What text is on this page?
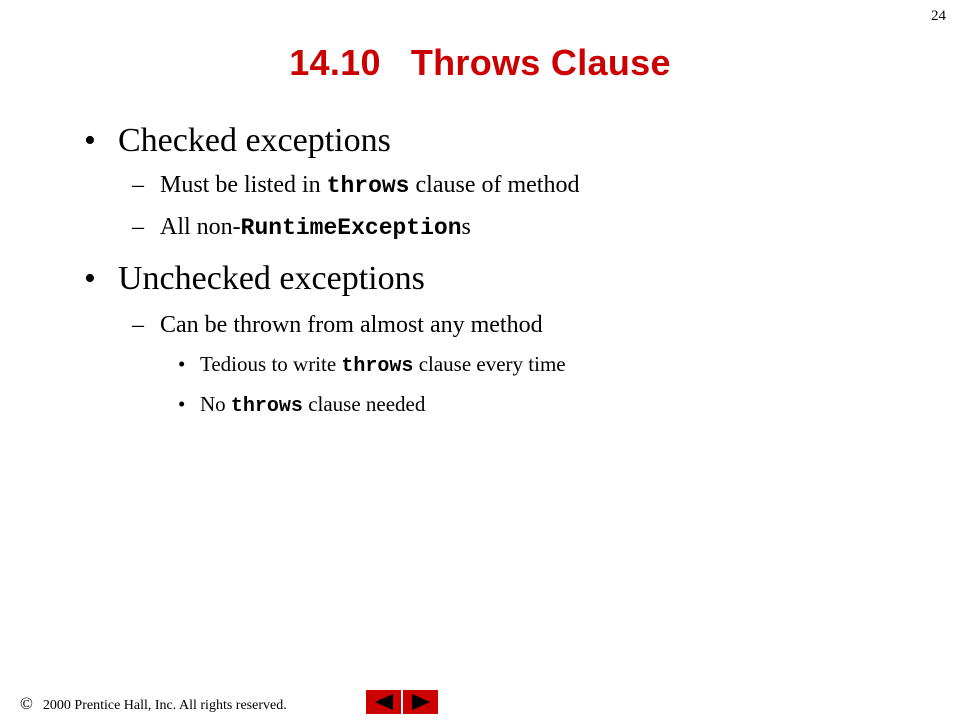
24
14.10 Throws Clause
• Checked exceptions
– Must be listed in throws clause of method
– All non-RuntimeExceptions
• Unchecked exceptions
– Can be thrown from almost any method
• Tedious to write throws clause every time
• No throws clause needed
© 2000 Prentice Hall, Inc. All rights reserved.
